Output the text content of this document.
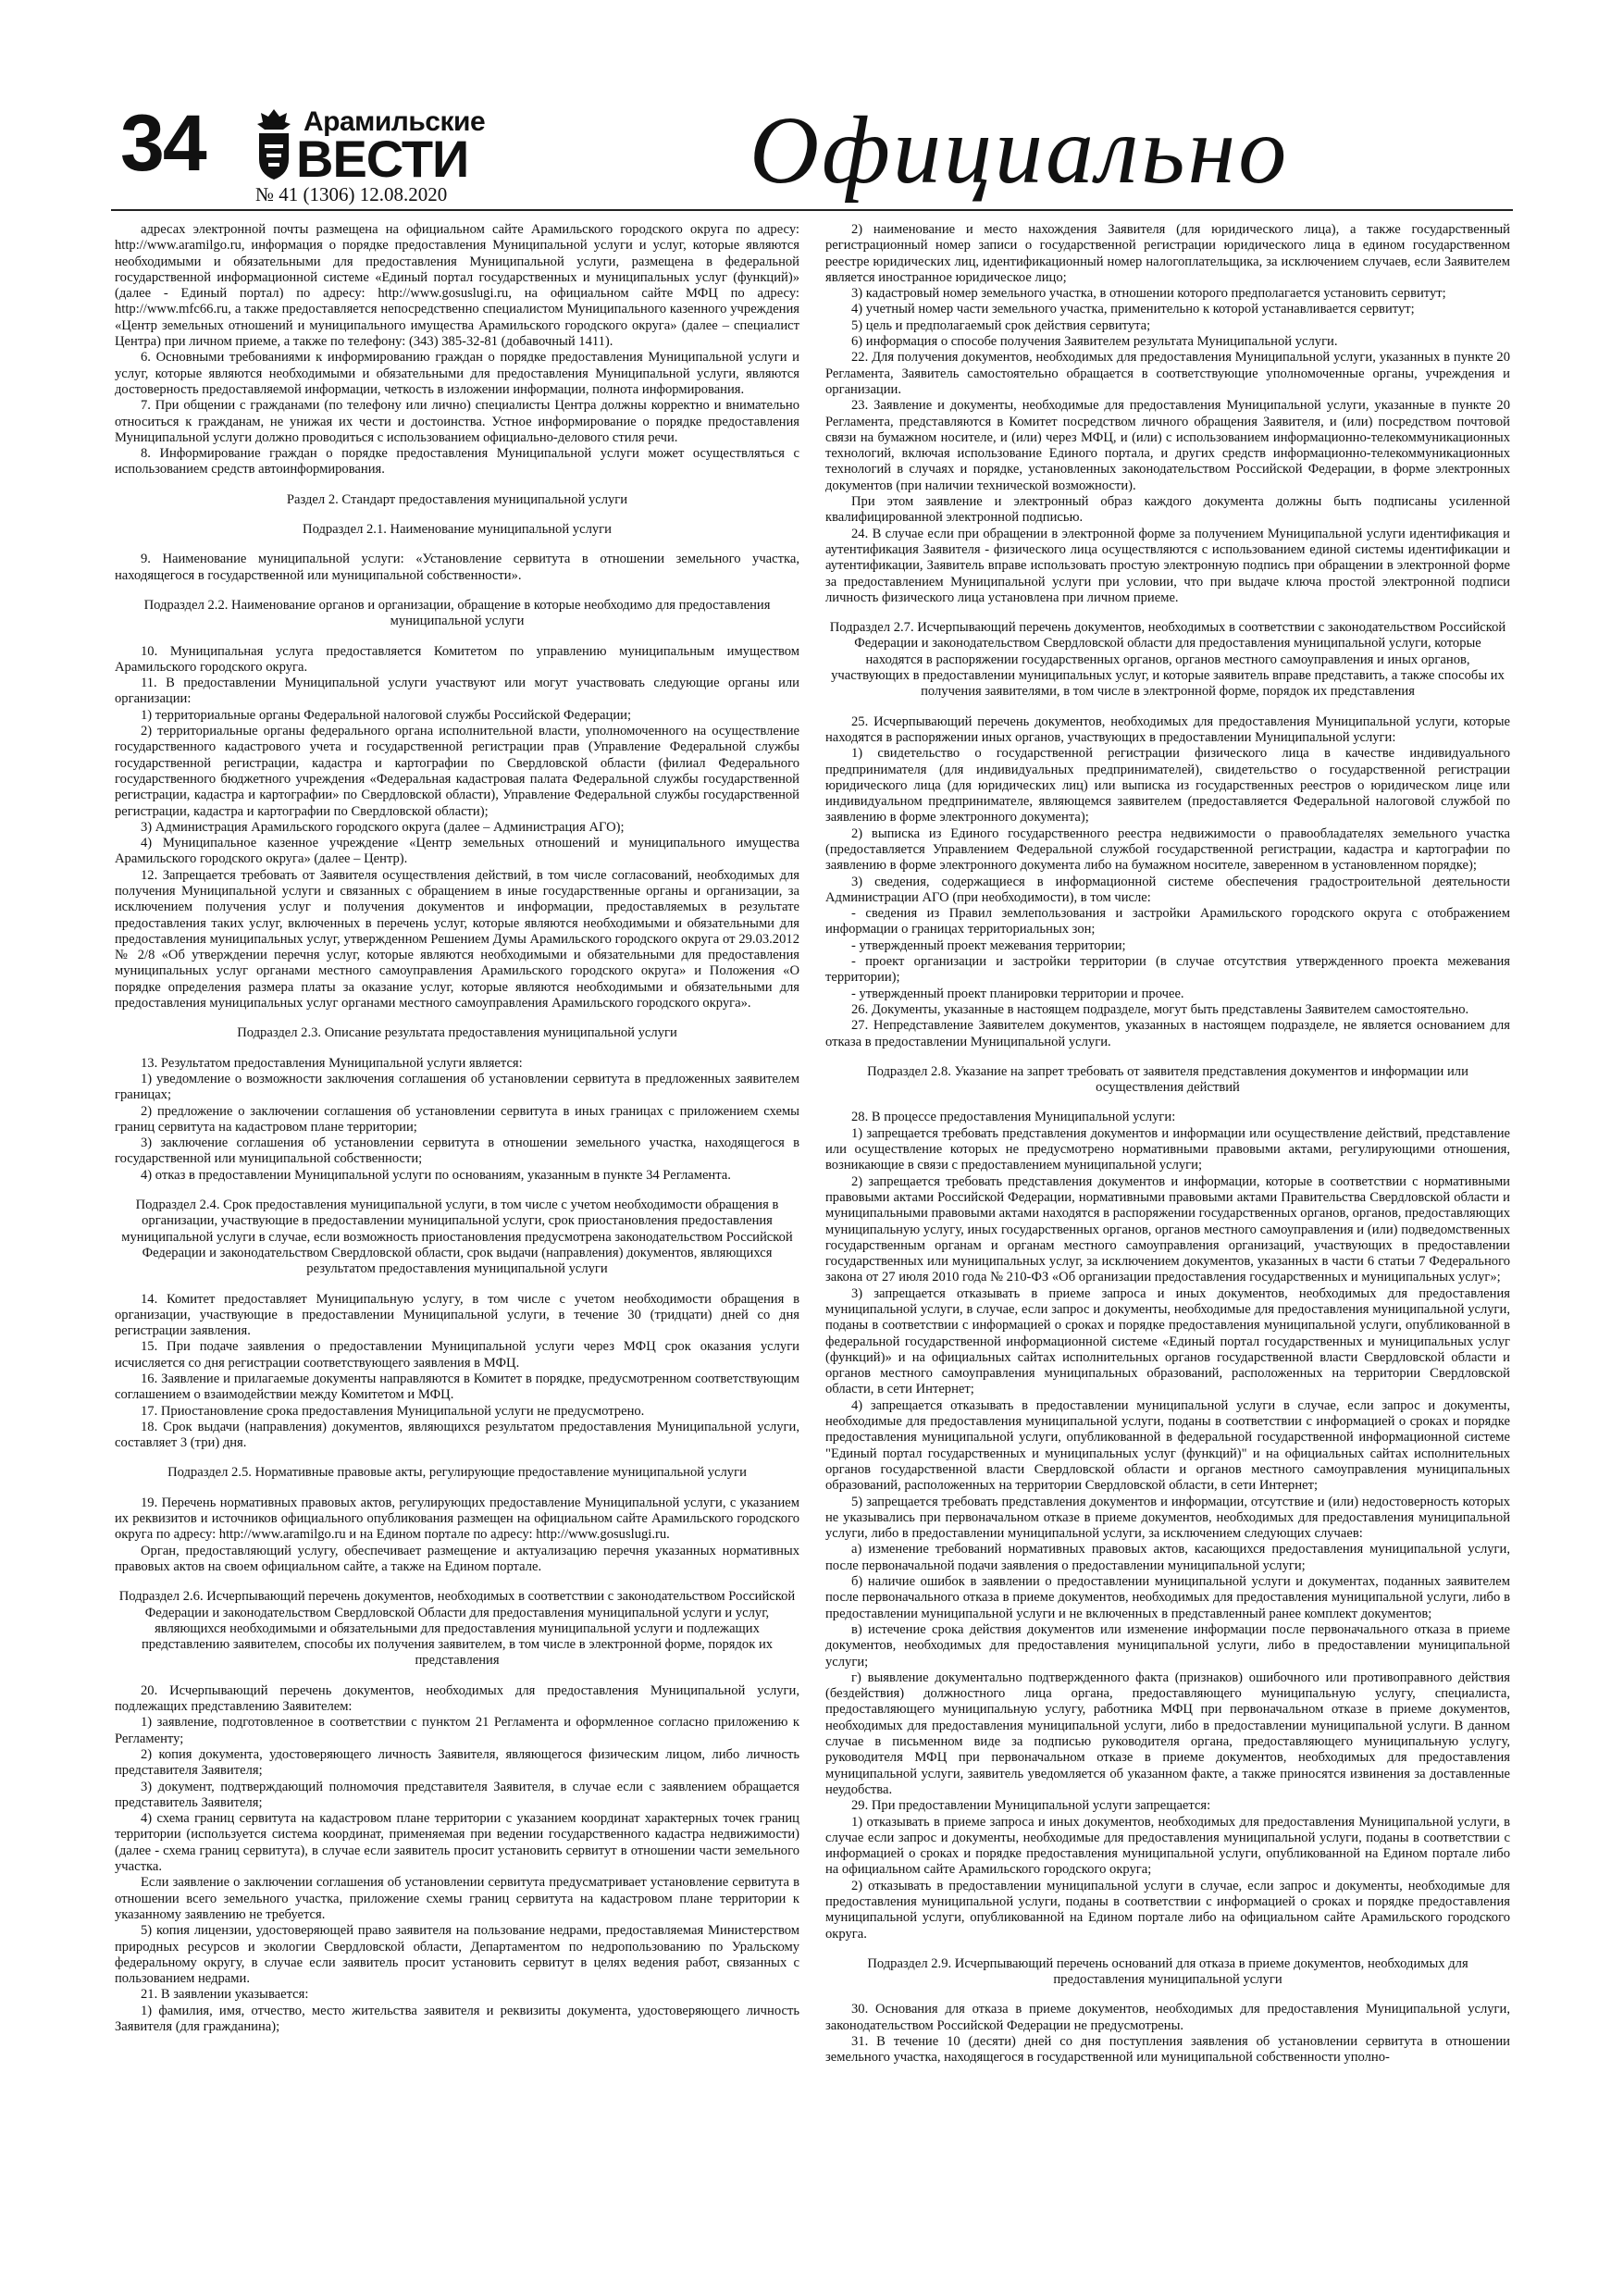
34	Арамильские
ВЕСТИ
№ 41 (1306) 12.08.2020	Официально

адресах электронной почты размещена на официальном сайте Арамильского городского округа по адресу: http://www.aramilgo.ru, информация о порядке предоставления Муниципальной услуги и услуг, которые являются необходимыми и обязательными для предоставления Муниципальной услуги, размещена в федеральной государственной информационной системе «Единый портал государственных и муниципальных услуг (функций)» (далее - Единый портал) по адресу: http://www.gosuslugi.ru, на официальном сайте МФЦ по адресу: http://www.mfc66.ru, а также предоставляется непосредственно специалистом Муниципального казенного учреждения «Центр земельных отношений и муниципального имущества Арамильского городского округа» (далее – специалист Центра) при личном приеме, а также по телефону: (343) 385-32-81 (добавочный 1411).

6. Основными требованиями к информированию граждан о порядке предоставления Муниципальной услуги и услуг, которые являются необходимыми и обязательными для предоставления Муниципальной услуги, являются достоверность предоставляемой информации, четкость в изложении информации, полнота информирования.

7. При общении с гражданами (по телефону или лично) специалисты Центра должны корректно и внимательно относиться к гражданам, не унижая их чести и достоинства. Устное информирование о порядке предоставления Муниципальной услуги должно проводиться с использованием официально-делового стиля речи.

8. Информирование граждан о порядке предоставления Муниципальной услуги может осуществляться с использованием средств автоинформирования.

Раздел 2. Стандарт предоставления муниципальной услуги

Подраздел 2.1. Наименование муниципальной услуги

9. Наименование муниципальной услуги: «Установление сервитута в отношении земельного участка, находящегося в государственной или муниципальной собственности».

Подраздел 2.2. Наименование органов и организации, обращение в которые необходимо для предоставления муниципальной услуги

10. Муниципальная услуга предоставляется Комитетом по управлению муниципальным имуществом Арамильского городского округа.

11. В предоставлении Муниципальной услуги участвуют или могут участвовать следующие органы или организации:

1) территориальные органы Федеральной налоговой службы Российской Федерации;

2) территориальные органы федерального органа исполнительной власти, уполномоченного на осуществление государственного кадастрового учета и государственной регистрации прав (Управление Федеральной службы государственной регистрации, кадастра и картографии по Свердловской области (филиал Федерального государственного бюджетного учреждения «Федеральная кадастровая палата Федеральной службы государственной регистрации, кадастра и картографии» по Свердловской области), Управление Федеральной службы государственной регистрации, кадастра и картографии по Свердловской области);

3) Администрация Арамильского городского округа (далее – Администрация АГО);

4) Муниципальное казенное учреждение «Центр земельных отношений и муниципального имущества Арамильского городского округа» (далее – Центр).

12. Запрещается требовать от Заявителя осуществления действий, в том числе согласований, необходимых для получения Муниципальной услуги и связанных с обращением в иные государственные органы и организации, за исключением получения услуг и получения документов и информации, предоставляемых в результате предоставления таких услуг, включенных в перечень услуг, которые являются необходимыми и обязательными для предоставления муниципальных услуг, утвержденном Решением Думы Арамильского городского округа от 29.03.2012 № 2/8 «Об утверждении перечня услуг, которые являются необходимыми и обязательными для предоставления муниципальных услуг органами местного самоуправления Арамильского городского округа» и Положения «О порядке определения размера платы за оказание услуг, которые являются необходимыми и обязательными для предоставления муниципальных услуг органами местного самоуправления Арамильского городского округа».

Подраздел 2.3. Описание результата предоставления муниципальной услуги

13. Результатом предоставления Муниципальной услуги является:

1) уведомление о возможности заключения соглашения об установлении сервитута в предложенных заявителем границах;

2) предложение о заключении соглашения об установлении сервитута в иных границах с приложением схемы границ сервитута на кадастровом плане территории;

3) заключение соглашения об установлении сервитута в отношении земельного участка, находящегося в государственной или муниципальной собственности;

4) отказ в предоставлении Муниципальной услуги по основаниям, указанным в пункте 34 Регламента.

Подраздел 2.4. Срок предоставления муниципальной услуги, в том числе с учетом необходимости обращения в организации, участвующие в предоставлении муниципальной услуги, срок приостановления предоставления муниципальной услуги в случае, если возможность приостановления предусмотрена законодательством Российской Федерации и законодательством Свердловской области, срок выдачи (направления) документов, являющихся результатом предоставления муниципальной услуги

14. Комитет предоставляет Муниципальную услугу, в том числе с учетом необходимости обращения в организации, участвующие в предоставлении Муниципальной услуги, в течение 30 (тридцати) дней со дня регистрации заявления.

15. При подаче заявления о предоставлении Муниципальной услуги через МФЦ срок оказания услуги исчисляется со дня регистрации соответствующего заявления в МФЦ.

16. Заявление и прилагаемые документы направляются в Комитет в порядке, предусмотренном соответствующим соглашением о взаимодействии между Комитетом и МФЦ.

17. Приостановление срока предоставления Муниципальной услуги не предусмотрено.

18. Срок выдачи (направления) документов, являющихся результатом предоставления Муниципальной услуги, составляет 3 (три) дня.

Подраздел 2.5. Нормативные правовые акты, регулирующие предоставление муниципальной услуги

19. Перечень нормативных правовых актов, регулирующих предоставление Муниципальной услуги, с указанием их реквизитов и источников официального опубликования размещен на официальном сайте Арамильского городского округа по адресу: http://www.aramilgo.ru и на Едином портале по адресу: http://www.gosuslugi.ru.

Орган, предоставляющий услугу, обеспечивает размещение и актуализацию перечня указанных нормативных правовых актов на своем официальном сайте, а также на Едином портале.

Подраздел 2.6. Исчерпывающий перечень документов, необходимых в соответствии с законодательством Российской Федерации и законодательством Свердловской Области для предоставления муниципальной услуги и услуг, являющихся необходимыми и обязательными для предоставления муниципальной услуги и подлежащих представлению заявителем, способы их получения заявителем, в том числе в электронной форме, порядок их представления

20. Исчерпывающий перечень документов, необходимых для предоставления Муниципальной услуги, подлежащих представлению Заявителем:

1) заявление, подготовленное в соответствии с пунктом 21 Регламента и оформленное согласно приложению к Регламенту;

2) копия документа, удостоверяющего личность Заявителя, являющегося физическим лицом, либо личность представителя Заявителя;

3) документ, подтверждающий полномочия представителя Заявителя, в случае если с заявлением обращается представитель Заявителя;

4) схема границ сервитута на кадастровом плане территории с указанием координат характерных точек границ территории (используется система координат, применяемая при ведении государственного кадастра недвижимости) (далее - схема границ сервитута), в случае если заявитель просит установить сервитут в отношении части земельного участка.

Если заявление о заключении соглашения об установлении сервитута предусматривает установление сервитута в отношении всего земельного участка, приложение схемы границ сервитута на кадастровом плане территории к указанному заявлению не требуется.

5) копия лицензии, удостоверяющей право заявителя на пользование недрами, предоставляемая Министерством природных ресурсов и экологии Свердловской области, Департаментом по недропользованию по Уральскому федеральному округу, в случае если заявитель просит установить сервитут в целях ведения работ, связанных с пользованием недрами.

21. В заявлении указывается:

1) фамилия, имя, отчество, место жительства заявителя и реквизиты документа, удостоверяющего личность Заявителя (для гражданина);

2) наименование и место нахождения Заявителя (для юридического лица), а также государственный регистрационный номер записи о государственной регистрации юридического лица в едином государственном реестре юридических лиц, идентификационный номер налогоплательщика, за исключением случаев, если Заявителем является иностранное юридическое лицо;

3) кадастровый номер земельного участка, в отношении которого предполагается установить сервитут;

4) учетный номер части земельного участка, применительно к которой устанавливается сервитут;

5) цель и предполагаемый срок действия сервитута;

6) информация о способе получения Заявителем результата Муниципальной услуги.

22. Для получения документов, необходимых для предоставления Муниципальной услуги, указанных в пункте 20 Регламента, Заявитель самостоятельно обращается в соответствующие уполномоченные органы, учреждения и организации.

23. Заявление и документы, необходимые для предоставления Муниципальной услуги, указанные в пункте 20 Регламента, представляются в Комитет посредством личного обращения Заявителя, и (или) посредством почтовой связи на бумажном носителе, и (или) через МФЦ, и (или) с использованием информационно-телекоммуникационных технологий, включая использование Единого портала, и других средств информационно-телекоммуникационных технологий в случаях и порядке, установленных законодательством Российской Федерации, в форме электронных документов (при наличии технической возможности).

При этом заявление и электронный образ каждого документа должны быть подписаны усиленной квалифицированной электронной подписью.

24. В случае если при обращении в электронной форме за получением Муниципальной услуги идентификация и аутентификация Заявителя - физического лица осуществляются с использованием единой системы идентификации и аутентификации, Заявитель вправе использовать простую электронную подпись при обращении в электронной форме за предоставлением Муниципальной услуги при условии, что при выдаче ключа простой электронной подписи личность физического лица установлена при личном приеме.

Подраздел 2.7. Исчерпывающий перечень документов, необходимых в соответствии с законодательством Российской Федерации и законодательством Свердловской области для предоставления муниципальной услуги, которые находятся в распоряжении государственных органов, органов местного самоуправления и иных органов, участвующих в предоставлении муниципальных услуг, и которые заявитель вправе представить, а также способы их получения заявителями, в том числе в электронной форме, порядок их представления

25. Исчерпывающий перечень документов, необходимых для предоставления Муниципальной услуги, которые находятся в распоряжении иных органов, участвующих в предоставлении Муниципальной услуги:

1) свидетельство о государственной регистрации физического лица в качестве индивидуального предпринимателя (для индивидуальных предпринимателей), свидетельство о государственной регистрации юридического лица (для юридических лиц) или выписка из государственных реестров о юридическом лице или индивидуальном предпринимателе, являющемся заявителем (предоставляется Федеральной налоговой службой по заявлению в форме электронного документа);

2) выписка из Единого государственного реестра недвижимости о правообладателях земельного участка (предоставляется Управлением Федеральной службой государственной регистрации, кадастра и картографии по заявлению в форме электронного документа либо на бумажном носителе, заверенном в установленном порядке);

3) сведения, содержащиеся в информационной системе обеспечения градостроительной деятельности Администрации АГО (при необходимости), в том числе:

- сведения из Правил землепользования и застройки Арамильского городского округа с отображением информации о границах территориальных зон;

- утвержденный проект межевания территории;

- проект организации и застройки территории (в случае отсутствия утвержденного проекта межевания территории);

- утвержденный проект планировки территории и прочее.

26. Документы, указанные в настоящем подразделе, могут быть представлены Заявителем самостоятельно.

27. Непредставление Заявителем документов, указанных в настоящем подразделе, не является основанием для отказа в предоставлении Муниципальной услуги.

Подраздел 2.8. Указание на запрет требовать от заявителя представления документов и информации или осуществления действий

28. В процессе предоставления Муниципальной услуги:

1) запрещается требовать представления документов и информации или осуществление действий, представление или осуществление которых не предусмотрено нормативными правовыми актами, регулирующими отношения, возникающие в связи с предоставлением муниципальной услуги;

2) запрещается требовать представления документов и информации, которые в соответствии с нормативными правовыми актами Российской Федерации, нормативными правовыми актами Правительства Свердловской области и муниципальными правовыми актами находятся в распоряжении государственных органов, органов, предоставляющих муниципальную услугу, иных государственных органов, органов местного самоуправления и (или) подведомственных государственным органам и органам местного самоуправления организаций, участвующих в предоставлении государственных или муниципальных услуг, за исключением документов, указанных в части 6 статьи 7 Федерального закона от 27 июля 2010 года № 210-ФЗ «Об организации предоставления государственных и муниципальных услуг»;

3) запрещается отказывать в приеме запроса и иных документов, необходимых для предоставления муниципальной услуги, в случае, если запрос и документы, необходимые для предоставления муниципальной услуги, поданы в соответствии с информацией о сроках и порядке предоставления муниципальной услуги, опубликованной в федеральной государственной информационной системе «Единый портал государственных и муниципальных услуг (функций)» и на официальных сайтах исполнительных органов государственной власти Свердловской области и органов местного самоуправления муниципальных образований, расположенных на территории Свердловской области, в сети Интернет;

4) запрещается отказывать в предоставлении муниципальной услуги в случае, если запрос и документы, необходимые для предоставления муниципальной услуги, поданы в соответствии с информацией о сроках и порядке предоставления муниципальной услуги, опубликованной в федеральной государственной информационной системе "Единый портал государственных и муниципальных услуг (функций)" и на официальных сайтах исполнительных органов государственной власти Свердловской области и органов местного самоуправления муниципальных образований, расположенных на территории Свердловской области, в сети Интернет;

5) запрещается требовать представления документов и информации, отсутствие и (или) недостоверность которых не указывались при первоначальном отказе в приеме документов, необходимых для предоставления муниципальной услуги, либо в предоставлении муниципальной услуги, за исключением следующих случаев:

а) изменение требований нормативных правовых актов, касающихся предоставления муниципальной услуги, после первоначальной подачи заявления о предоставлении муниципальной услуги;

б) наличие ошибок в заявлении о предоставлении муниципальной услуги и документах, поданных заявителем после первоначального отказа в приеме документов, необходимых для предоставления муниципальной услуги, либо в предоставлении муниципальной услуги и не включенных в представленный ранее комплект документов;

в) истечение срока действия документов или изменение информации после первоначального отказа в приеме документов, необходимых для предоставления муниципальной услуги, либо в предоставлении муниципальной услуги;

г) выявление документально подтвержденного факта (признаков) ошибочного или противоправного действия (бездействия) должностного лица органа, предоставляющего муниципальную услугу, специалиста, предоставляющего муниципальную услугу, работника МФЦ при первоначальном отказе в приеме документов, необходимых для предоставления муниципальной услуги, либо в предоставлении муниципальной услуги. В данном случае в письменном виде за подписью руководителя органа, предоставляющего муниципальную услугу, руководителя МФЦ при первоначальном отказе в приеме документов, необходимых для предоставления муниципальной услуги, заявитель уведомляется об указанном факте, а также приносятся извинения за доставленные неудобства.

29. При предоставлении Муниципальной услуги запрещается:

1) отказывать в приеме запроса и иных документов, необходимых для предоставления Муниципальной услуги, в случае если запрос и документы, необходимые для предоставления муниципальной услуги, поданы в соответствии с информацией о сроках и порядке предоставления муниципальной услуги, опубликованной на Едином портале либо на официальном сайте Арамильского городского округа;

2) отказывать в предоставлении муниципальной услуги в случае, если запрос и документы, необходимые для предоставления муниципальной услуги, поданы в соответствии с информацией о сроках и порядке предоставления муниципальной услуги, опубликованной на Едином портале либо на официальном сайте Арамильского городского округа.

Подраздел 2.9. Исчерпывающий перечень оснований для отказа в приеме документов, необходимых для предоставления муниципальной услуги

30. Основания для отказа в приеме документов, необходимых для предоставления Муниципальной услуги, законодательством Российской Федерации не предусмотрены.

31. В течение 10 (десяти) дней со дня поступления заявления об установлении сервитута в отношении земельного участка, находящегося в государственной или муниципальной собственности уполно-
